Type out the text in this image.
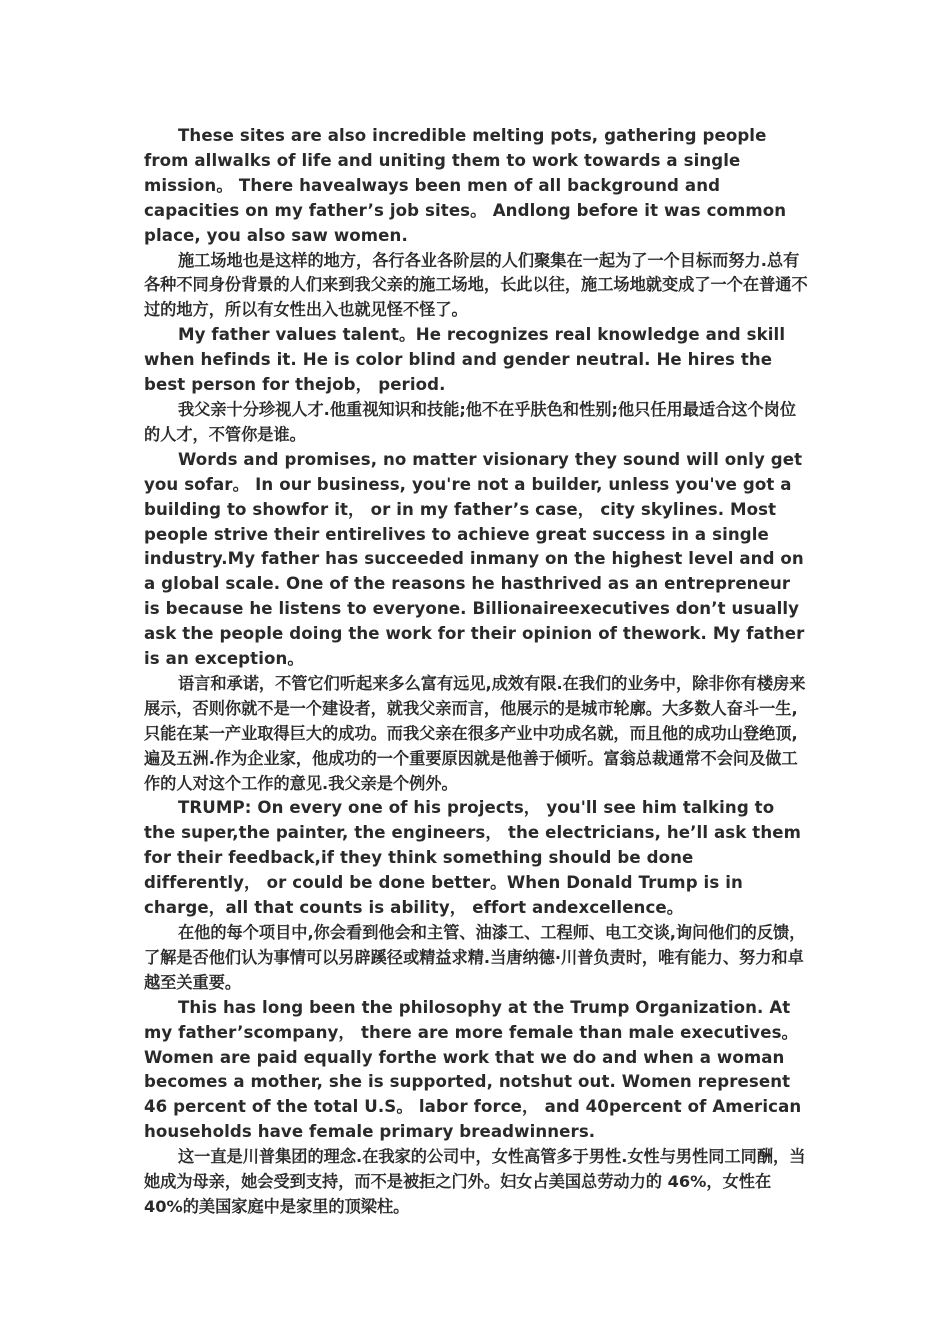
These sites are also incredible melting pots, gathering people from allwalks of life and uniting them to work towards a single mission。 There havealways been men of all background and capacities on my father’s job sites。 Andlong before it was common place, you also saw women.

施工场地也是这样的地方，各行各业各阶层的人们聚集在一起为了一个目标而努力.总有各种不同身份背景的人们来到我父亲的施工场地，长此以往，施工场地就变成了一个在普通不过的地方，所以有女性出入也就见怪不怪了。

My father values talent。He recognizes real knowledge and skill when hefinds it. He is color blind and gender neutral. He hires the best person for thejob， period.

我父亲十分珍视人才.他重视知识和技能;他不在乎肤色和性别;他只任用最适合这个岗位的人才，不管你是谁。

Words and promises, no matter visionary they sound will only get you sofar。 In our business, you're not a builder, unless you've got a building to showfor it， or in my father’s case， city skylines. Most people strive their entirelives to achieve great success in a single industry.My father has succeeded inmany on the highest level and on a global scale. One of the reasons he hasthrived as an entrepreneur is because he listens to everyone. Billionaireexecutives don’t usually ask the people doing the work for their opinion of thework. My father is an exception。

语言和承诺，不管它们听起来多么富有远见,成效有限.在我们的业务中，除非你有楼房来展示，否则你就不是一个建设者，就我父亲而言，他展示的是城市轮廓。大多数人奋斗一生,只能在某一产业取得巨大的成功。而我父亲在很多产业中功成名就，而且他的成功山登绝顶,遍及五洲.作为企业家，他成功的一个重要原因就是他善于倾听。富翁总裁通常不会问及做工作的人对这个工作的意见.我父亲是个例外。

TRUMP: On every one of his projects， you'll see him talking to the super,the painter, the engineers， the electricians, he’ll ask them for their feedback,if they think something should be done differently， or could be done better。When Donald Trump is in charge，all that counts is ability， effort andexcellence。

在他的每个项目中,你会看到他会和主管、油漆工、工程师、电工交谈,询问他们的反馈，了解是否他们认为事情可以另辟蹊径或精益求精.当唐纳德·川普负责时，唯有能力、努力和卓越至关重要。

This has long been the philosophy at the Trump Organization. At my father’scompany， there are more female than male executives。 Women are paid equally forthe work that we do and when a woman becomes a mother, she is supported, notshut out. Women represent 46 percent of the total U.S。 labor force， and 40percent of American households have female primary breadwinners.

这一直是川普集团的理念.在我家的公司中，女性高管多于男性.女性与男性同工同酬，当她成为母亲，她会受到支持，而不是被拒之门外。妇女占美国总劳动力的 46%，女性在 40%的美国家庭中是家里的顶梁柱。
